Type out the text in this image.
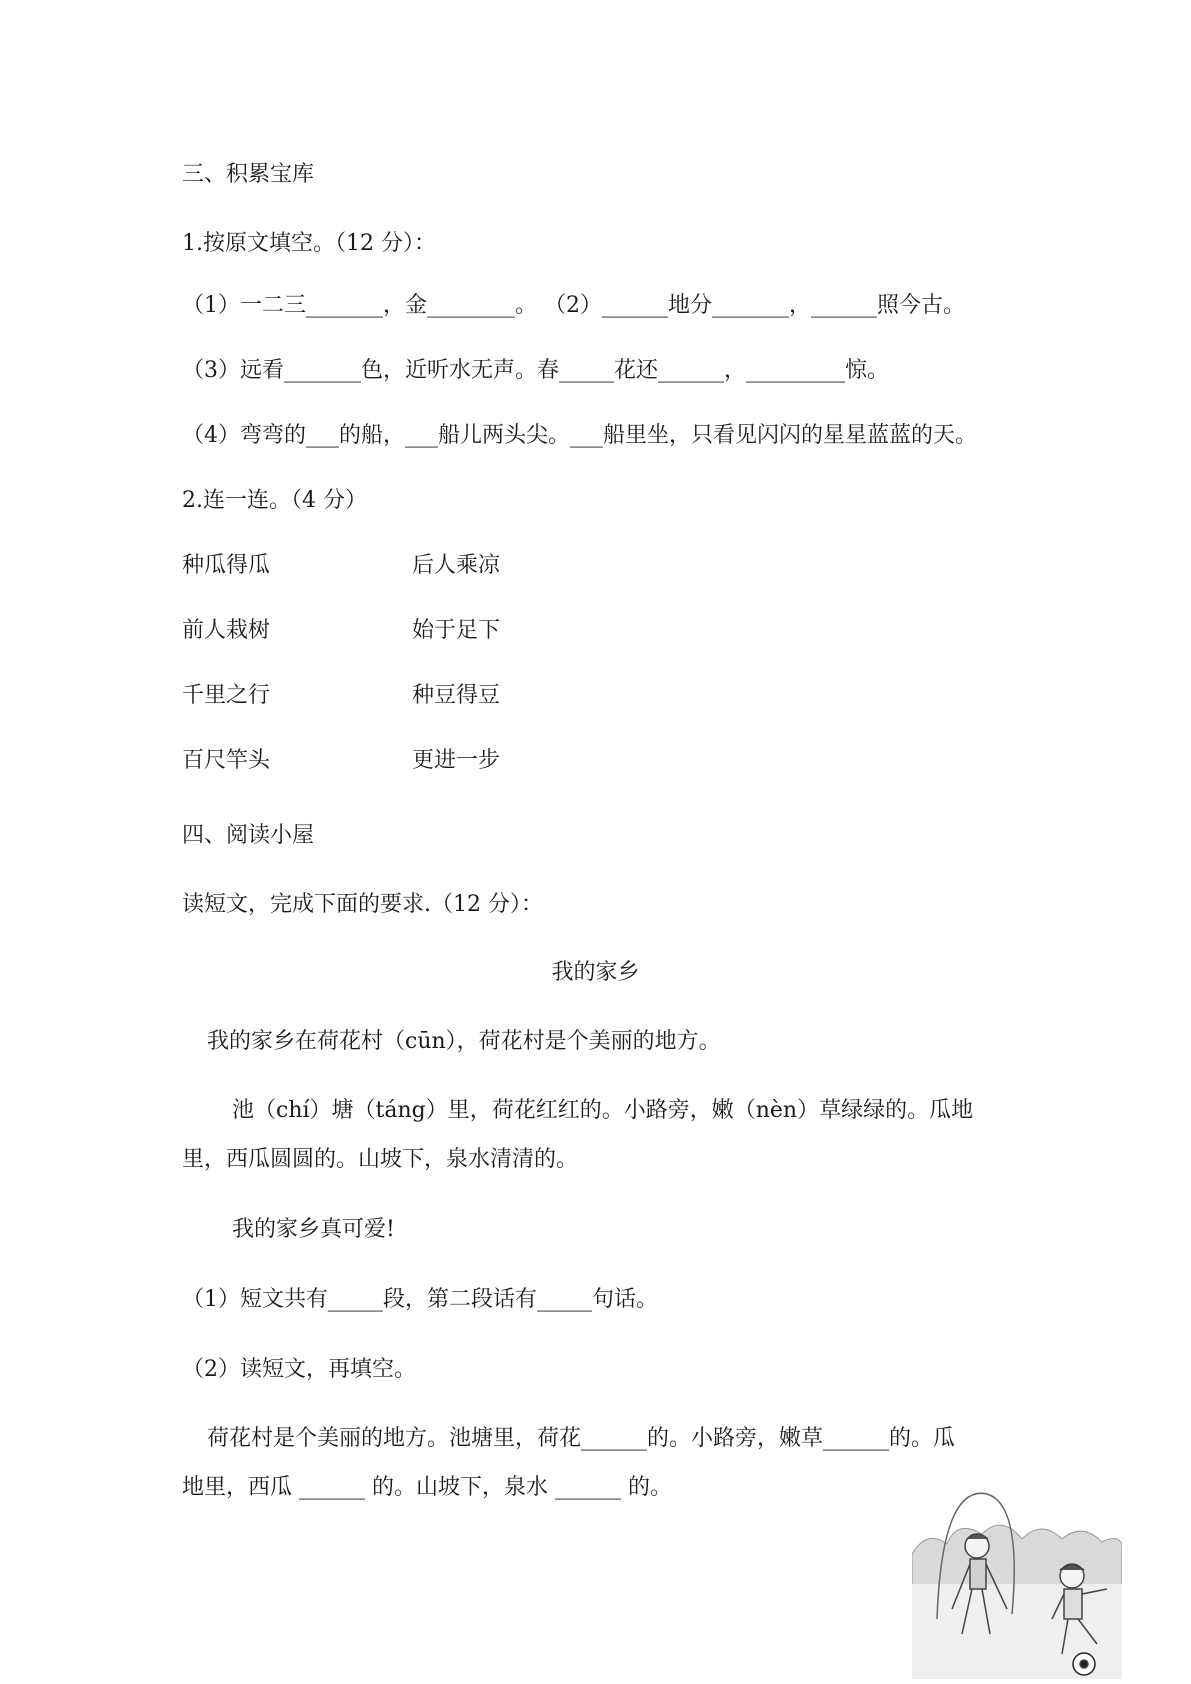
三、积累宝库
1.按原文填空。（12 分）：
（1）一二三_______，金________。 （2）______地分_______，______照今古。
（3）远看_______色，近听水无声。春_____花还______，_________惊。
（4）弯弯的___的船，___船儿两头尖。___船里坐，只看见闪闪的星星蓝蓝的天。
2.连一连。（4 分）
种瓜得瓜	后人乘凉
前人栽树	始于足下
千里之行	种豆得豆
百尺竿头	更进一步
四、阅读小屋
读短文，完成下面的要求.（12 分）：
我的家乡
我的家乡在荷花村（cūn），荷花村是个美丽的地方。
池（chí）塘（táng）里，荷花红红的。小路旁，嫩（nèn）草绿绿的。瓜地
里，西瓜圆圆的。山坡下，泉水清清的。
我的家乡真可爱!
（1）短文共有_____段，第二段话有_____句话。
（2）读短文，再填空。
荷花村是个美丽的地方。池塘里，荷花______的。小路旁，嫩草______的。瓜
地里，西瓜 ______ 的。山坡下，泉水 ______ 的。
